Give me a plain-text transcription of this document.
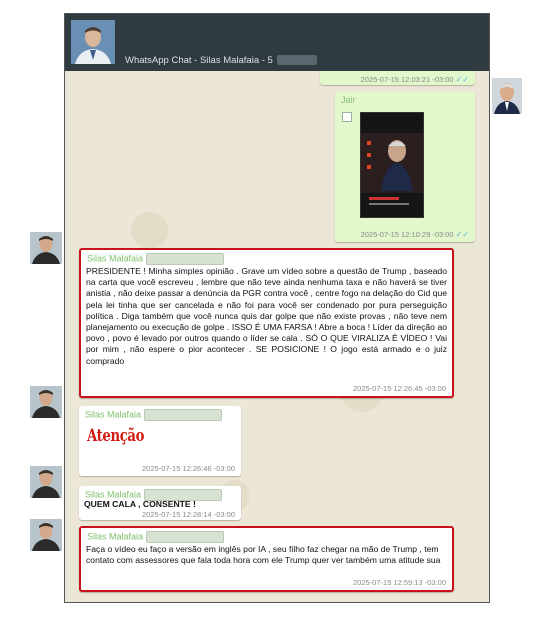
WhatsApp Chat - Silas Malafaia - 5
2025-07-15 12:03:21 -03:00 ✓✓
Jair
2025-07-15 12:10:29 -03:00 ✓✓
Silas Malafaia
PRESIDENTE ! Minha simples opinião . Grave um vídeo sobre a questão de Trump , baseado na carta que você escreveu , lembre que não teve ainda nenhuma taxa e não haverá se tiver anistia , não deixe passar a denúncia da PGR contra você , centre fogo na delação do Cid que pela lei tinha que ser cancelada e não foi para você ser condenado por pura perseguição política . Diga também que você nunca quis dar golpe que não existe provas , não teve nem planejamento ou execução de golpe . ISSO É UMA FARSA ! Abre a boca ! Líder da direção ao povo , povo é levado por outros quando o líder se cala . SÓ O QUE VIRALIZA É VÍDEO ! Vai por mim , não espere o pior acontecer . SE POSICIONE ! O jogo está armado e o juiz comprado
2025-07-15 12:26:45 -03:00
Silas Malafaia
Atenção
2025-07-15 12:26:46 -03:00
Silas Malafaia
QUEM CALA , CONSENTE !
2025-07-15 12:28:14 -03:00
Silas Malafaia
Faça o vídeo eu faço a versão em inglês por IA , seu filho faz chegar na mão de Trump , tem contato com assessores que fala toda hora com ele Trump quer ver também uma atitude sua
2025-07-15 12:59:13 -03:00
